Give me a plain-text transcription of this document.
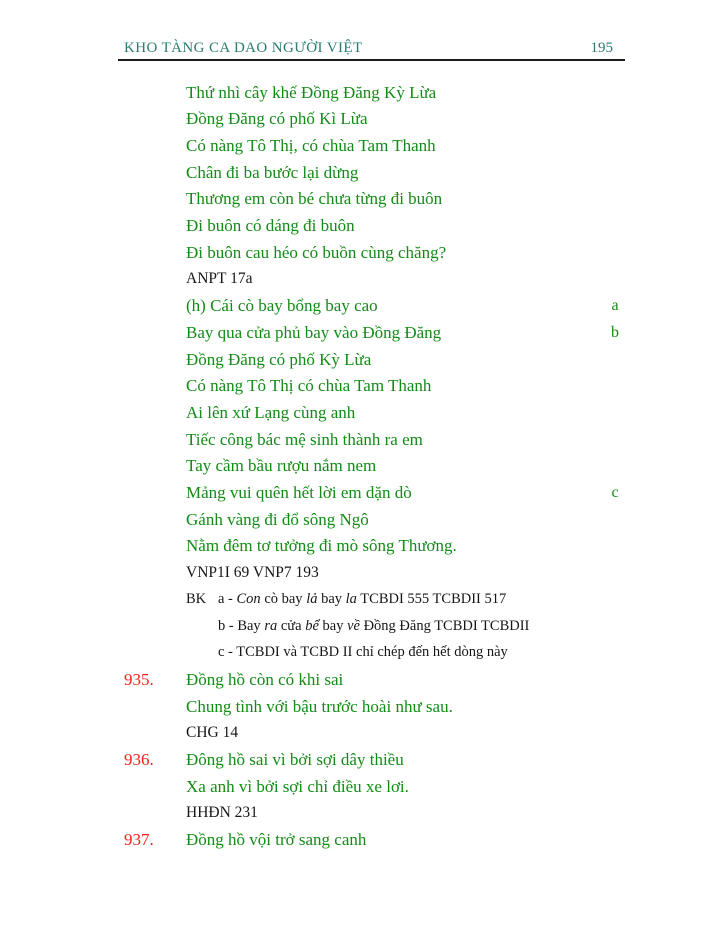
KHO TÀNG CA DAO NGƯỜI VIỆT	195
Thứ nhì cây khế Đồng Đăng Kỳ Lừa
Đồng Đăng có phố Kì Lừa
Có nàng Tô Thị, có chùa Tam Thanh
Chân đi ba bước lại dừng
Thương em còn bé chưa từng đi buôn
Đi buôn có dáng đi buôn
Đi buôn cau héo có buồn cùng chăng?
ANPT 17a
(h) Cái cò bay bổng bay cao	a
Bay qua cửa phủ bay vào Đồng Đăng	b
Đồng Đăng có phố Kỳ Lừa
Có nàng Tô Thị có chùa Tam Thanh
Ai lên xứ Lạng cùng anh
Tiếc công bác mệ sinh thành ra em
Tay cầm bầu rượu nắm nem
Mảng vui quên hết lời em dặn dò	c
Gánh vàng đi đổ sông Ngô
Nằm đêm tơ tưởng đi mò sông Thương.
VNP1I 69 VNP7 193
BK a - Con cò bay lả bay la TCBDI 555 TCBDII 517
b - Bay ra cửa bể bay về Đồng Đăng TCBDI TCBDII
c - TCBDI và TCBD II chỉ chép đến hết dòng này
935. Đồng hồ còn có khi sai
Chung tình với bậu trước hoài như sau.
CHG 14
936. Đông hồ sai vì bởi sợi dây thiều
Xa anh vì bởi sợi chỉ điều xe lơi.
HHĐN 231
937. Đồng hồ vội trở sang canh
